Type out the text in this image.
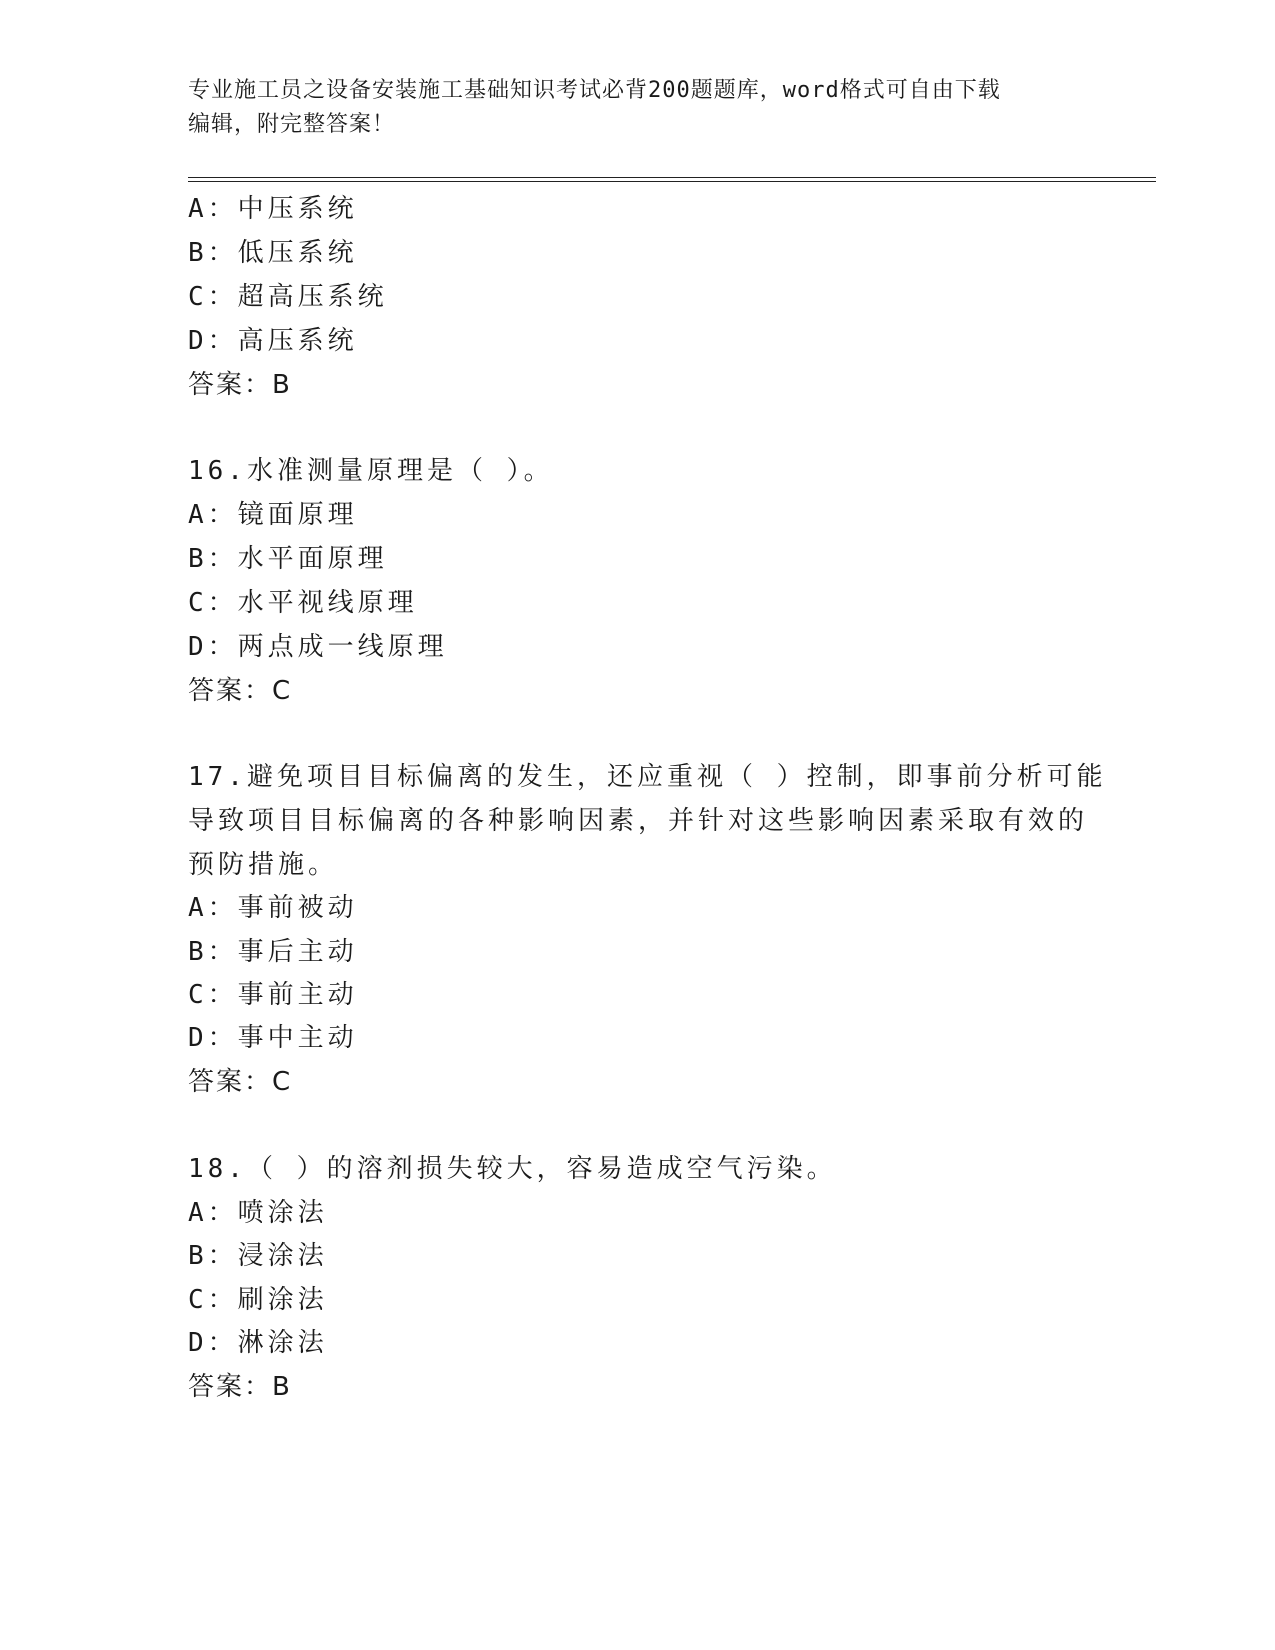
专业施工员之设备安装施工基础知识考试必背200题题库，word格式可自由下载
编辑，附完整答案！
A：中压系统
B：低压系统
C：超高压系统
D：高压系统
答案：B
16.水准测量原理是（ ）。
A：镜面原理
B：水平面原理
C：水平视线原理
D：两点成一线原理
答案：C
17.避免项目目标偏离的发生，还应重视（ ）控制，即事前分析可能
导致项目目标偏离的各种影响因素，并针对这些影响因素采取有效的
预防措施。
A：事前被动
B：事后主动
C：事前主动
D：事中主动
答案：C
18.（ ）的溶剂损失较大，容易造成空气污染。
A：喷涂法
B：浸涂法
C：刷涂法
D：淋涂法
答案：B
